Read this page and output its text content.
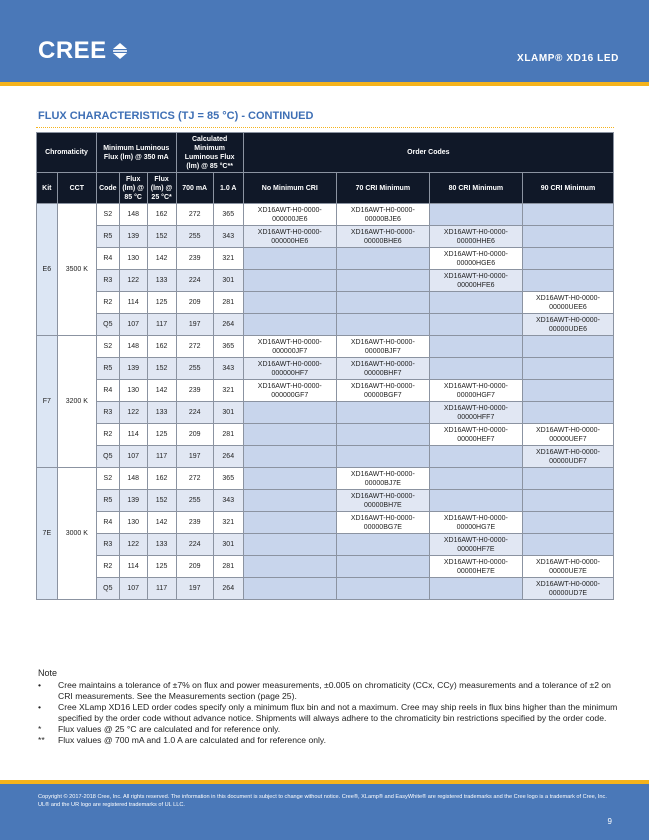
CREE	XLAMP® XD16 LED
FLUX CHARACTERISTICS (TJ = 85 °C) - CONTINUED
Chromaticity		Minimum Luminous Flux (lm) @ 350 mA			Calculated Minimum Luminous Flux (lm) @ 85 °C**		Order Codes			
Kit	CCT	Code	Flux (lm) @ 85 °C	Flux (lm) @ 25 °C*	700 mA	1.0 A	No Minimum CRI	70 CRI Minimum	80 CRI Minimum	90 CRI Minimum
E6	3500 K	S2	148	162	272	365	XD16AWT-H0-0000-000000JE6	XD16AWT-H0-0000-00000BJE6		
		R5	139	152	255	343	XD16AWT-H0-0000-000000HE6	XD16AWT-H0-0000-00000BHE6	XD16AWT-H0-0000-00000HHE6	
		R4	130	142	239	321			XD16AWT-H0-0000-00000HGE6	
		R3	122	133	224	301			XD16AWT-H0-0000-00000HFE6	
		R2	114	125	209	281				XD16AWT-H0-0000-00000UEE6
		Q5	107	117	197	264				XD16AWT-H0-0000-00000UDE6
F7	3200 K	S2	148	162	272	365	XD16AWT-H0-0000-000000JF7	XD16AWT-H0-0000-00000BJF7		
		R5	139	152	255	343	XD16AWT-H0-0000-000000HF7	XD16AWT-H0-0000-00000BHF7		
		R4	130	142	239	321	XD16AWT-H0-0000-000000GF7	XD16AWT-H0-0000-00000BGF7	XD16AWT-H0-0000-00000HGF7	
		R3	122	133	224	301			XD16AWT-H0-0000-00000HFF7	
		R2	114	125	209	281			XD16AWT-H0-0000-00000HEF7	XD16AWT-H0-0000-00000UEF7
		Q5	107	117	197	264				XD16AWT-H0-0000-00000UDF7
7E	3000 K	S2	148	162	272	365		XD16AWT-H0-0000-00000BJ7E		
		R5	139	152	255	343		XD16AWT-H0-0000-00000BH7E		
		R4	130	142	239	321		XD16AWT-H0-0000-00000BG7E	XD16AWT-H0-0000-00000HG7E	
		R3	122	133	224	301			XD16AWT-H0-0000-00000HF7E	
		R2	114	125	209	281			XD16AWT-H0-0000-00000HE7E	XD16AWT-H0-0000-00000UE7E
		Q5	107	117	197	264				XD16AWT-H0-0000-00000UD7E
Note
•	Cree maintains a tolerance of ±7% on flux and power measurements, ±0.005 on chromaticity (CCx, CCy) measurements and a tolerance of ±2 on CRI measurements. See the Measurements section (page 25).
•	Cree XLamp XD16 LED order codes specify only a minimum flux bin and not a maximum. Cree may ship reels in flux bins higher than the minimum specified by the order code without advance notice. Shipments will always adhere to the chromaticity bin restrictions specified by the order code.
*	Flux values @ 25 °C are calculated and for reference only.
**	Flux values @ 700 mA and 1.0 A are calculated and for reference only.
Copyright © 2017-2018 Cree, Inc. All rights reserved. The information in this document is subject to change without notice. Cree®, XLamp® and EasyWhite® are registered trademarks and the Cree logo is a trademark of Cree, Inc. UL® and the UR logo are registered trademarks of UL LLC.
9
